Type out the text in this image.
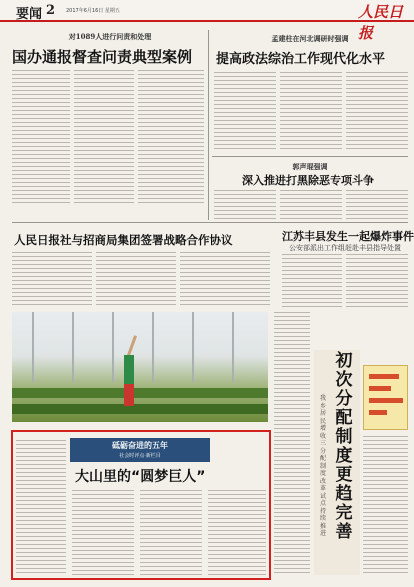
要闻 2 2017年6月16日 星期五	人民日报
对1089人进行问责和处理
国办通报督查问责典型案例
孟建柱在河北调研时强调
提高政法综治工作现代化水平
郭声琨强调
深入推进打黑除恶专项斗争
人民日报社与招商局集团签署战略合作协议	江苏丰县发生一起爆炸事件
公安部派出工作组赶赴丰县指导处置
砥砺奋进的五年
社会时评点·新栏目
大山里的“圆梦巨人”
初次分配制度更趋完善
我乡居民增收三分配制度改革试点持续推进
